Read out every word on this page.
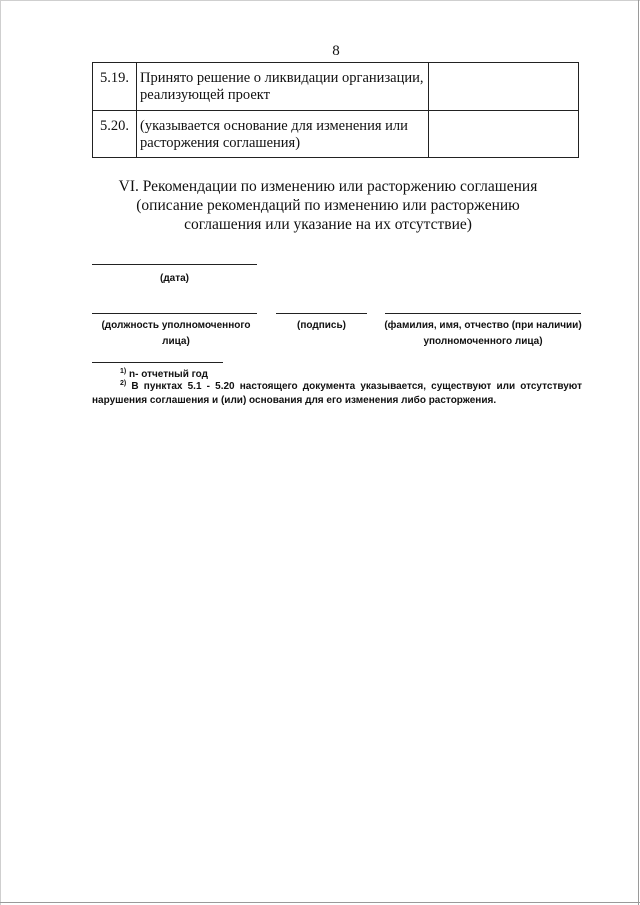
8
5.19.	Принято решение о ликвидации организации, реализующей проект	
5.20.	(указывается основание для изменения или расторжения соглашения)	
VI. Рекомендации по изменению или расторжению соглашения
(описание рекомендаций по изменению или расторжению
соглашения или указание на их отсутствие)
(дата)
(должность уполномоченного лица)
(подпись)	(фамилия, имя, отчество (при наличии) уполномоченного лица)
$^{1)}$ n- отчетный год
$^{2)}$ В пунктах 5.1 - 5.20 настоящего документа указывается, существуют или отсутствуют нарушения соглашения и (или) основания для его изменения либо расторжения.
